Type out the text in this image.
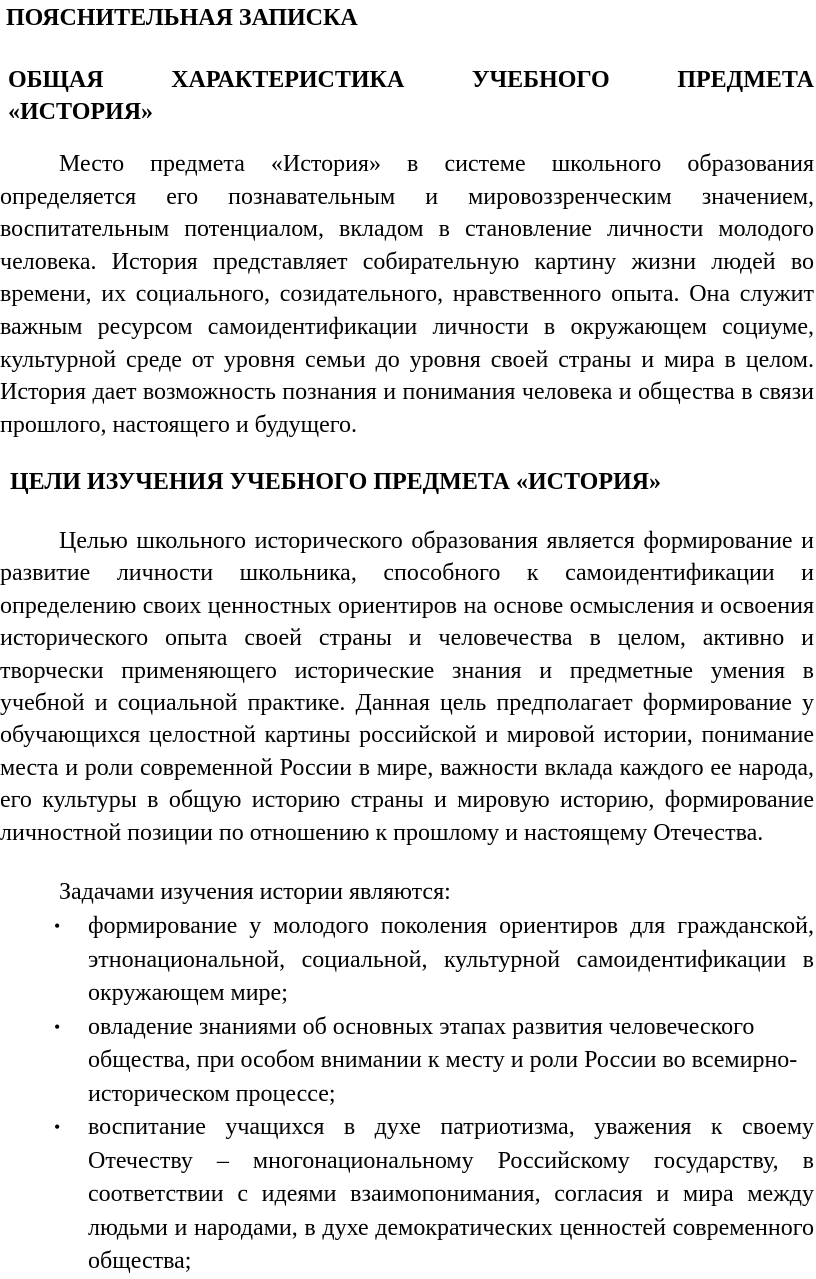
ПОЯСНИТЕЛЬНАЯ ЗАПИСКА
ОБЩАЯ ХАРАКТЕРИСТИКА УЧЕБНОГО ПРЕДМЕТА
«ИСТОРИЯ»

Место предмета «История» в системе школьного образования определяется его познавательным и мировоззренческим значением, воспитательным потенциалом, вкладом в становление личности молодого человека. История представляет собирательную картину жизни людей во времени, их социального, созидательного, нравственного опыта. Она служит важным ресурсом самоидентификации личности в окружающем социуме, культурной среде от уровня семьи до уровня своей страны и мира в целом. История дает возможность познания и понимания человека и общества в связи прошлого, настоящего и будущего.

ЦЕЛИ ИЗУЧЕНИЯ УЧЕБНОГО ПРЕДМЕТА «ИСТОРИЯ»

Целью школьного исторического образования является формирование и развитие личности школьника, способного к самоидентификации и определению своих ценностных ориентиров на основе осмысления и освоения исторического опыта своей страны и человечества в целом, активно и творчески применяющего исторические знания и предметные умения в учебной и социальной практике. Данная цель предполагает формирование у обучающихся целостной картины российской и мировой истории, понимание места и роли современной России в мире, важности вклада каждого ее народа, его культуры в общую историю страны и мировую историю, формирование личностной позиции по отношению к прошлому и настоящему Отечества.

Задачами изучения истории являются:

• формирование у молодого поколения ориентиров для гражданской, этнонациональной, социальной, культурной самоидентификации в окружающем мире;
• овладение знаниями об основных этапах развития человеческого общества, при особом внимании к месту и роли России во всемирно-историческом процессе;
• воспитание учащихся в духе патриотизма, уважения к своему Отечеству – многонациональному Российскому государству, в соответствии с идеями взаимопонимания, согласия и мира между людьми и народами, в духе демократических ценностей современного общества;
